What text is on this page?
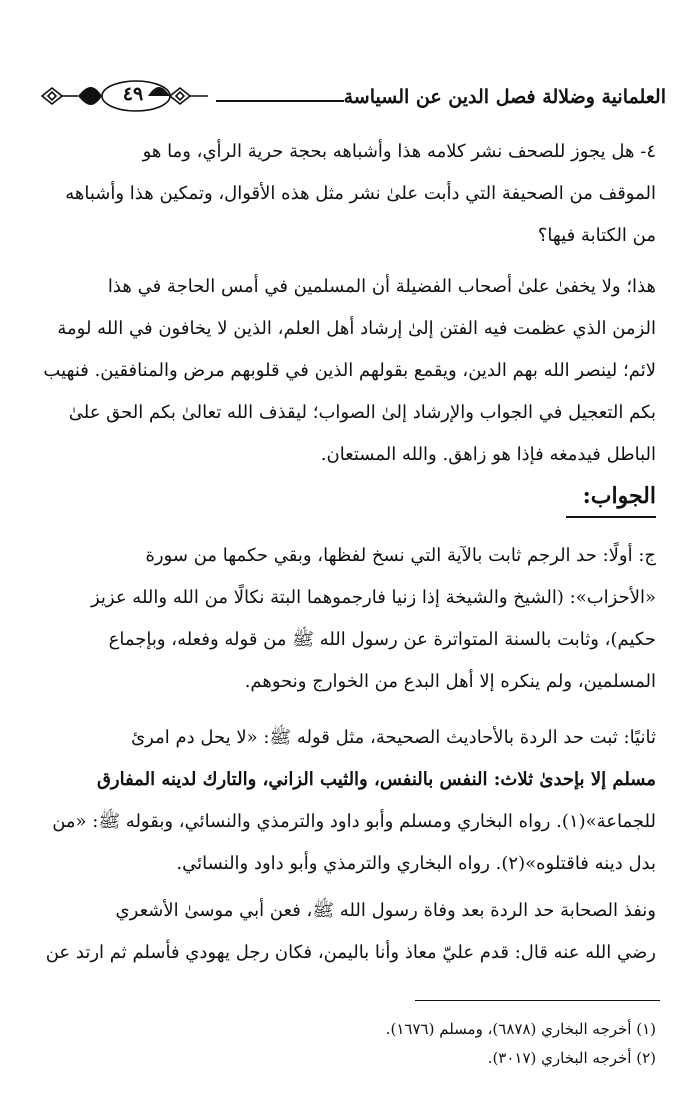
٤٩	العلمانية وضلالة فصل الدين عن السياسة
٤- هل يجوز للصحف نشر كلامه هذا وأشباهه بحجة حرية الرأي، وما هو
الموقف من الصحيفة التي دأبت علىٰ نشر مثل هذه الأقوال، وتمكين هذا وأشباهه
من الكتابة فيها؟
هذا؛ ولا يخفىٰ علىٰ أصحاب الفضيلة أن المسلمين في أمس الحاجة في هذا
الزمن الذي عظمت فيه الفتن إلىٰ إرشاد أهل العلم، الذين لا يخافون في الله لومة
لائم؛ لينصر الله بهم الدين، ويقمع بقولهم الذين في قلوبهم مرض والمنافقين. فنهيب
بكم التعجيل في الجواب والإرشاد إلىٰ الصواب؛ ليقذف الله تعالىٰ بكم الحق علىٰ
الباطل فيدمغه فإذا هو زاهق. والله المستعان.
الجواب:
ج: أولًا: حد الرجم ثابت بالآية التي نسخ لفظها، وبقي حكمها من سورة
«الأحزاب»: (الشيخ والشيخة إذا زنيا فارجموهما البتة نكالًا من الله والله عزيز
حكيم)، وثابت بالسنة المتواترة عن رسول الله ﷺ من قوله وفعله، وبإجماع
المسلمين، ولم ينكره إلا أهل البدع من الخوارج ونحوهم.
ثانيًا: ثبت حد الردة بالأحاديث الصحيحة، مثل قوله ﷺ: «لا يحل دم امرئ
مسلم إلا بإحدىٰ ثلاث: النفس بالنفس، والثيب الزاني، والتارك لدينه المفارق
للجماعة»(١). رواه البخاري ومسلم وأبو داود والترمذي والنسائي، وبقوله ﷺ: «من
بدل دينه فاقتلوه»(٢). رواه البخاري والترمذي وأبو داود والنسائي.
ونفذ الصحابة حد الردة بعد وفاة رسول الله ﷺ، فعن أبي موسىٰ الأشعري
رضي الله عنه قال: قدم عليّ معاذ وأنا باليمن، فكان رجل يهودي فأسلم ثم ارتد عن
(١) أخرجه البخاري (٦٨٧٨)، ومسلم (١٦٧٦).
(٢) أخرجه البخاري (٣٠١٧).
